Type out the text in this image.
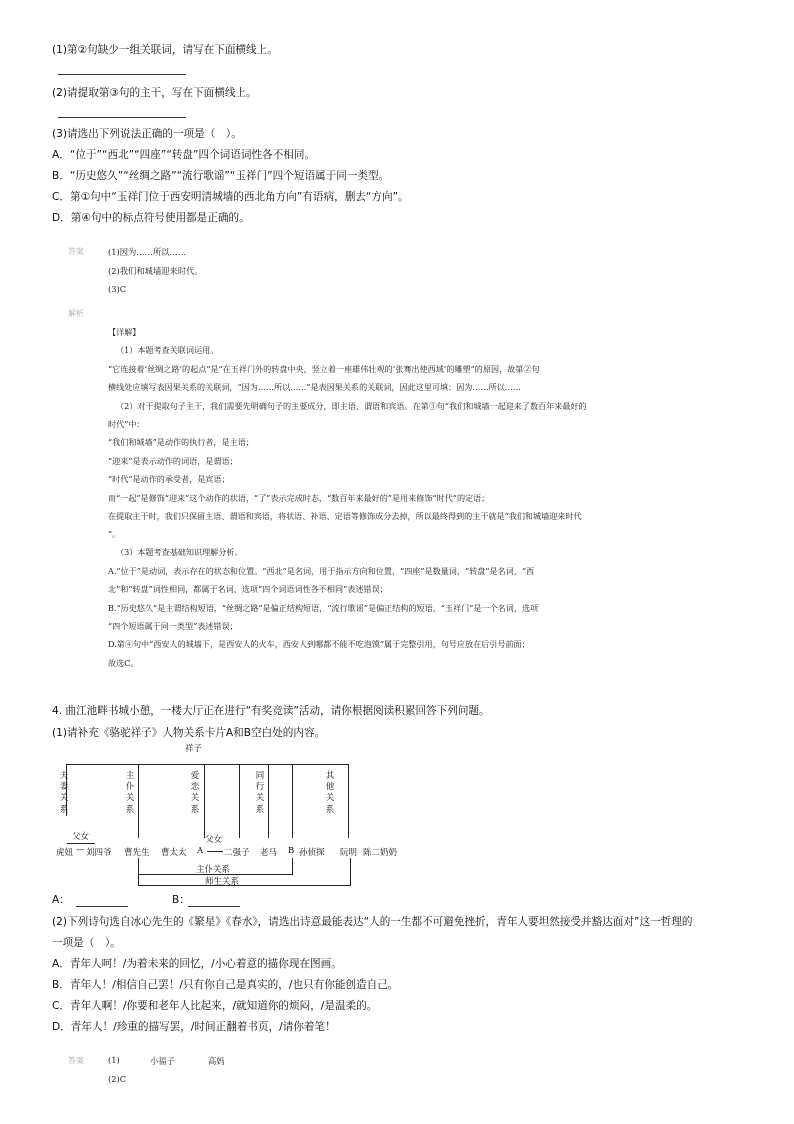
(1)第②句缺少一组关联词，请写在下面横线上。
(2)请提取第③句的主干，写在下面横线上。
(3)请选出下列说法正确的一项是（　）。
A．“位于”“西北”“四座”“转盘”四个词语词性各不相同。
B．“历史悠久”“丝绸之路”“流行歌谣”“玉祥门”四个短语属于同一类型。
C．第①句中“玉祥门位于西安明清城墙的西北角方向”有语病，删去“方向”。
D．第④句中的标点符号使用都是正确的。
答案	(1)因为……所以……
(2)我们和城墙迎来时代。
(3)C
解析
【详解】
（1）本题考查关联词运用。
“它连接着‘丝绸之路’的起点”是“在玉祥门外的转盘中央，竖立着一座雄伟壮观的‘张骞出使西域’的雕塑”的原因，故第②句
横线处应填写表因果关系的关联词，“因为……所以……”是表因果关系的关联词，因此这里可填：因为……所以……
（2）对于提取句子主干，我们需要先明确句子的主要成分，即主语、谓语和宾语。在第③句“我们和城墙一起迎来了数百年来最好的
时代”中：
“我们和城墙”是动作的执行者，是主语；
“迎来”是表示动作的词语，是谓语；
“时代”是动作的承受者，是宾语；
而“一起”是修饰“迎来”这个动作的状语，“了”表示完成时态，“数百年来最好的”是用来修饰“时代”的定语；
在提取主干时，我们只保留主语、谓语和宾语，将状语、补语、定语等修饰成分去掉，所以最终得到的主干就是“我们和城墙迎来时代
”。
（3）本题考查基础知识理解分析。
A.“位于”是动词，表示存在的状态和位置。“西北”是名词，用于指示方向和位置，“四座”是数量词，“转盘”是名词，“西
北”和“转盘”词性相同，都属于名词，选项“四个词语词性各不相同”表述错误；
B.“历史悠久”是主谓结构短语，“丝绸之路”是偏正结构短语，“流行歌谣”是偏正结构的短语，“玉祥门”是一个名词，选项
“四个短语属于同一类型”表述错误；
D.第④句中“西安人的城墙下，是西安人的火车，西安人到哪都不能不吃泡馍”属于完整引用，句号应放在后引号前面；
故选C。
4. 曲江池畔书城小憩，一楼大厅正在进行“有奖竞读”活动，请你根据阅读积累回答下列问题。
(1)请补充《骆驼祥子》人物关系卡片A和B空白处的内容。
祥子
夫妻关系
主仆关系
爱恋关系
同行关系
其他关系
父女	父女
虎妞 — 刘四爷 曹先生 曹太太 A 二强子 老马 B 孙侦探 阮明 陈二奶奶
主仆关系
师生关系
A：	B：
(2)下列诗句选自冰心先生的《繁星》《春水》，请选出诗意最能表达“人的一生都不可避免挫折，青年人要坦然接受并豁达面对”这一哲理的
一项是（　）。
A．青年人呵！/为着未来的回忆，/小心着意的描你现在图画。
B．青年人！/相信自己罢！/只有你自己是真实的，/也只有你能创造自己。
C．青年人啊！/你要和老年人比起来，/就知道你的烦闷，/是温柔的。
D．青年人！/珍重的描写罢，/时间正翻着书页，/请你着笔！
答案	(1)	小福子	高妈
(2)C
